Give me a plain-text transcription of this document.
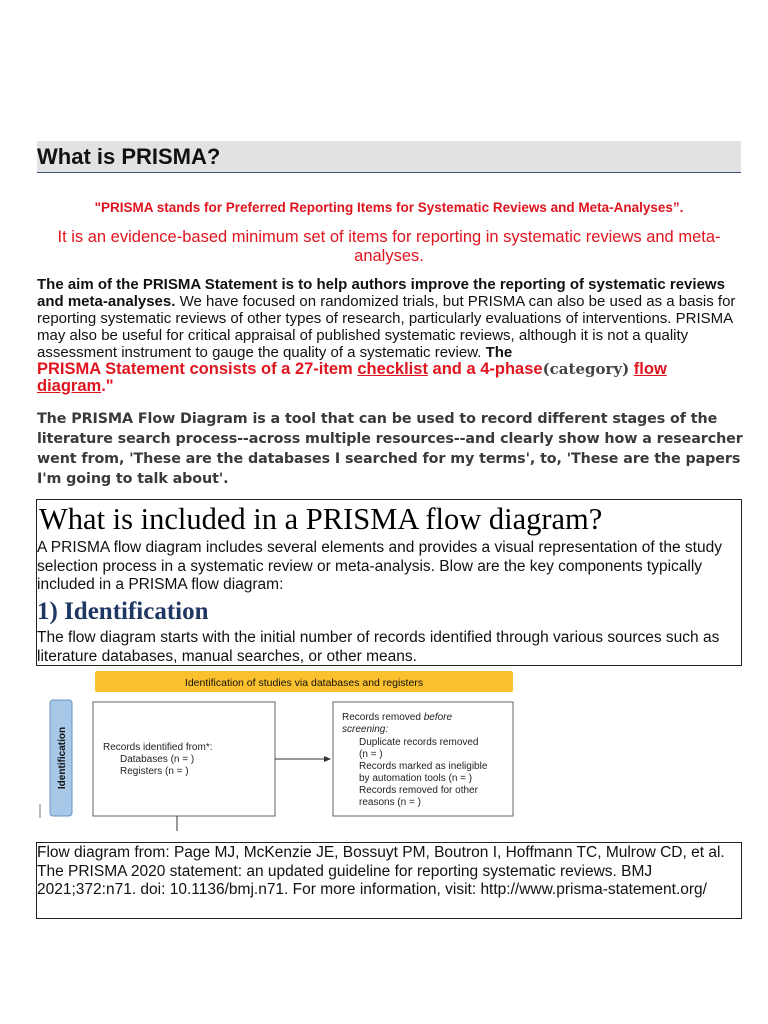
What is PRISMA?
"PRISMA stands for Preferred Reporting Items for Systematic Reviews and Meta-Analyses”.
It is an evidence-based minimum set of items for reporting in systematic reviews and meta-analyses.
The aim of the PRISMA Statement is to help authors improve the reporting of systematic reviews and meta-analyses. We have focused on randomized trials, but PRISMA can also be used as a basis for reporting systematic reviews of other types of research, particularly evaluations of interventions. PRISMA may also be useful for critical appraisal of published systematic reviews, although it is not a quality assessment instrument to gauge the quality of a systematic review. The
PRISMA Statement consists of a 27-item checklist and a 4-phase(category) flow diagram."
The PRISMA Flow Diagram is a tool that can be used to record different stages of the literature search process--across multiple resources--and clearly show how a researcher went from, 'These are the databases I searched for my terms', to, 'These are the papers I'm going to talk about'.
What is included in a PRISMA flow diagram?
A PRISMA flow diagram includes several elements and provides a visual representation of the study selection process in a systematic review or meta-analysis. Blow are the key components typically included in a PRISMA flow diagram:
1) Identification
The flow diagram starts with the initial number of records identified through various sources such as literature databases, manual searches, or other means.
Identification of studies via databases and registers
Identification	Records identified from*:
Databases (n = )
Registers (n = )
Records removed before
screening:
Duplicate records removed
(n = )
Records marked as ineligible
by automation tools (n = )
Records removed for other
reasons (n = )
Flow diagram from: Page MJ, McKenzie JE, Bossuyt PM, Boutron I, Hoffmann TC, Mulrow CD, et al. The PRISMA 2020 statement: an updated guideline for reporting systematic reviews. BMJ 2021;372:n71. doi: 10.1136/bmj.n71. For more information, visit: http://www.prisma-statement.org/
